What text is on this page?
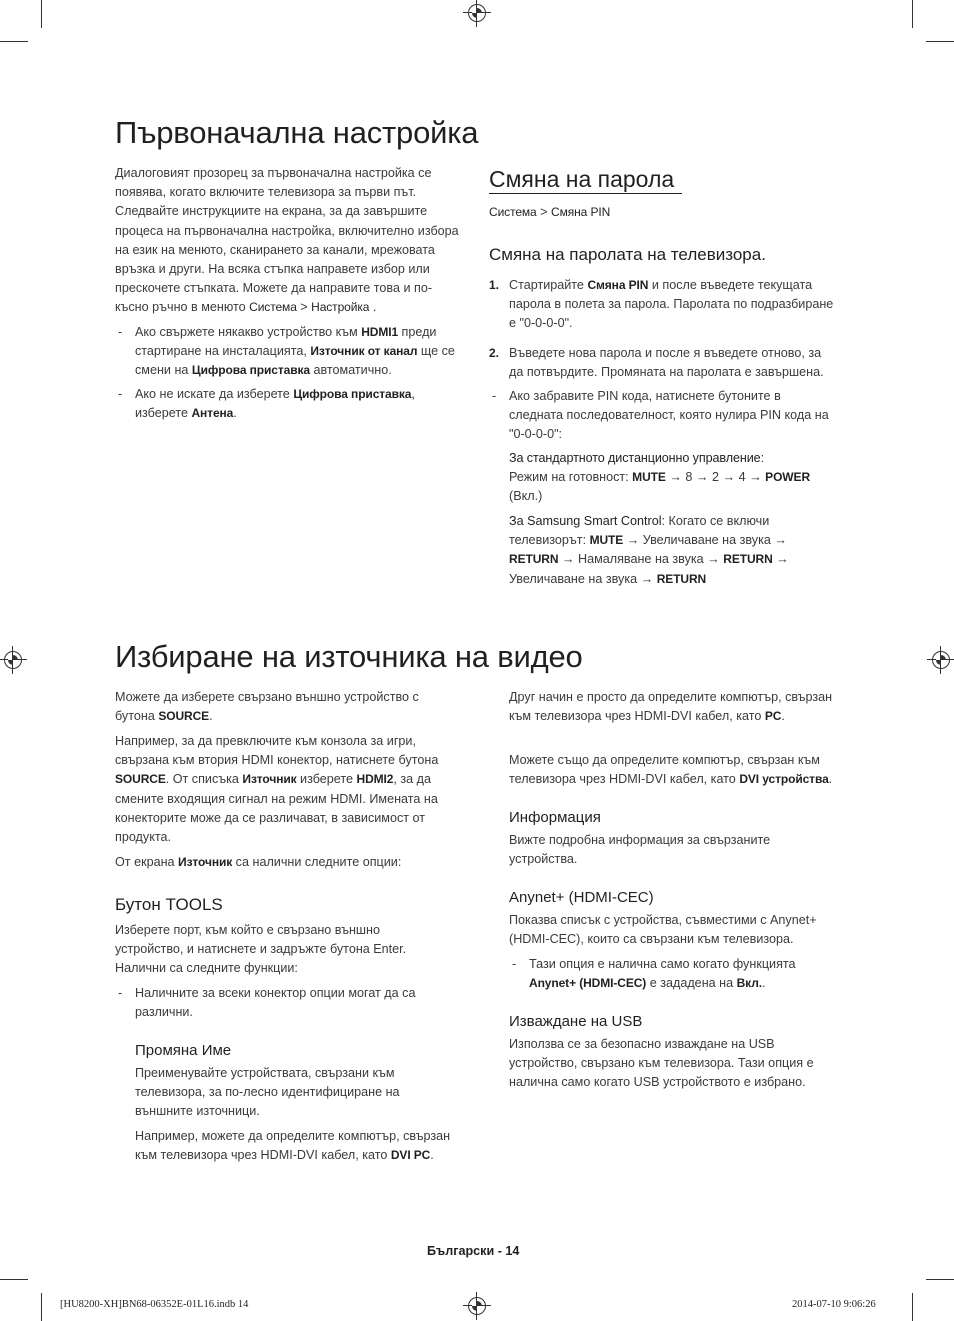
Първоначална настройка

Диалоговият прозорец за първоначална настройка се появява, когато включите телевизора за първи път. Следвайте инструкциите на екрана, за да завършите процеса на първоначална настройка, включително избора на език на менюто, сканирането за канали, мрежовата връзка и други. На всяка стъпка направете избор или прескочете стъпката. Можете да направите това и по-късно ръчно в менюто Система > Настройка .

- Ако свържете някакво устройство към HDMI1 преди стартиране на инсталацията, Източник от канал ще се смени на Цифрова приставка автоматично.

- Ако не искате да изберете Цифрова приставка, изберете Антена.

Смяна на парола

Система > Смяна PIN

Смяна на паролата на телевизора.

1. Стартирайте Смяна PIN и после въведете текущата парола в полета за парола. Паролата по подразбиране е "0-0-0-0".

2. Въведете нова парола и после я въведете отново, за да потвърдите. Промяната на паролата е завършена.

- Ако забравите PIN кода, натиснете бутоните в следната последователност, която нулира PIN кода на "0-0-0-0":

За стандартното дистанционно управление:
Режим на готовност: MUTE → 8 → 2 → 4 → POWER (Вкл.)

За Samsung Smart Control: Когато се включи телевизорът: MUTE → Увеличаване на звука → RETURN → Намаляване на звука → RETURN → Увеличаване на звука → RETURN

Избиране на източника на видео

Можете да изберете свързано външно устройство с бутона SOURCE.

Например, за да превключите към конзола за игри, свързана към втория HDMI конектор, натиснете бутона SOURCE. От списъка Източник изберете HDMI2, за да смените входящия сигнал на режим HDMI. Имената на конекторите може да се различават, в зависимост от продукта.

От екрана Източник са налични следните опции:

Бутон TOOLS

Изберете порт, към който е свързано външно устройство, и натиснете и задръжте бутона Enter. Налични са следните функции:

- Наличните за всеки конектор опции могат да са различни.

Промяна Име

Преименувайте устройствата, свързани към телевизора, за по-лесно идентифициране на външните източници.

Например, можете да определите компютър, свързан към телевизора чрез HDMI-DVI кабел, като DVI PC.

Друг начин е просто да определите компютър, свързан към телевизора чрез HDMI-DVI кабел, като PC.

Можете също да определите компютър, свързан към телевизора чрез HDMI-DVI кабел, като DVI устройства.

Информация

Вижте подробна информация за свързаните устройства.

Anynet+ (HDMI-CEC)

Показва списък с устройства, съвместими с Anynet+ (HDMI-CEC), които са свързани към телевизора.

- Тази опция е налична само когато функцията Anynet+ (HDMI-CEC) е зададена на Вкл..

Изваждане на USB

Използва се за безопасно изваждане на USB устройство, свързано към телевизора. Тази опция е налична само когато USB устройството е избрано.

Български - 14
[HU8200-XH]BN68-06352E-01L16.indb 14	2014-07-10 9:06:26
